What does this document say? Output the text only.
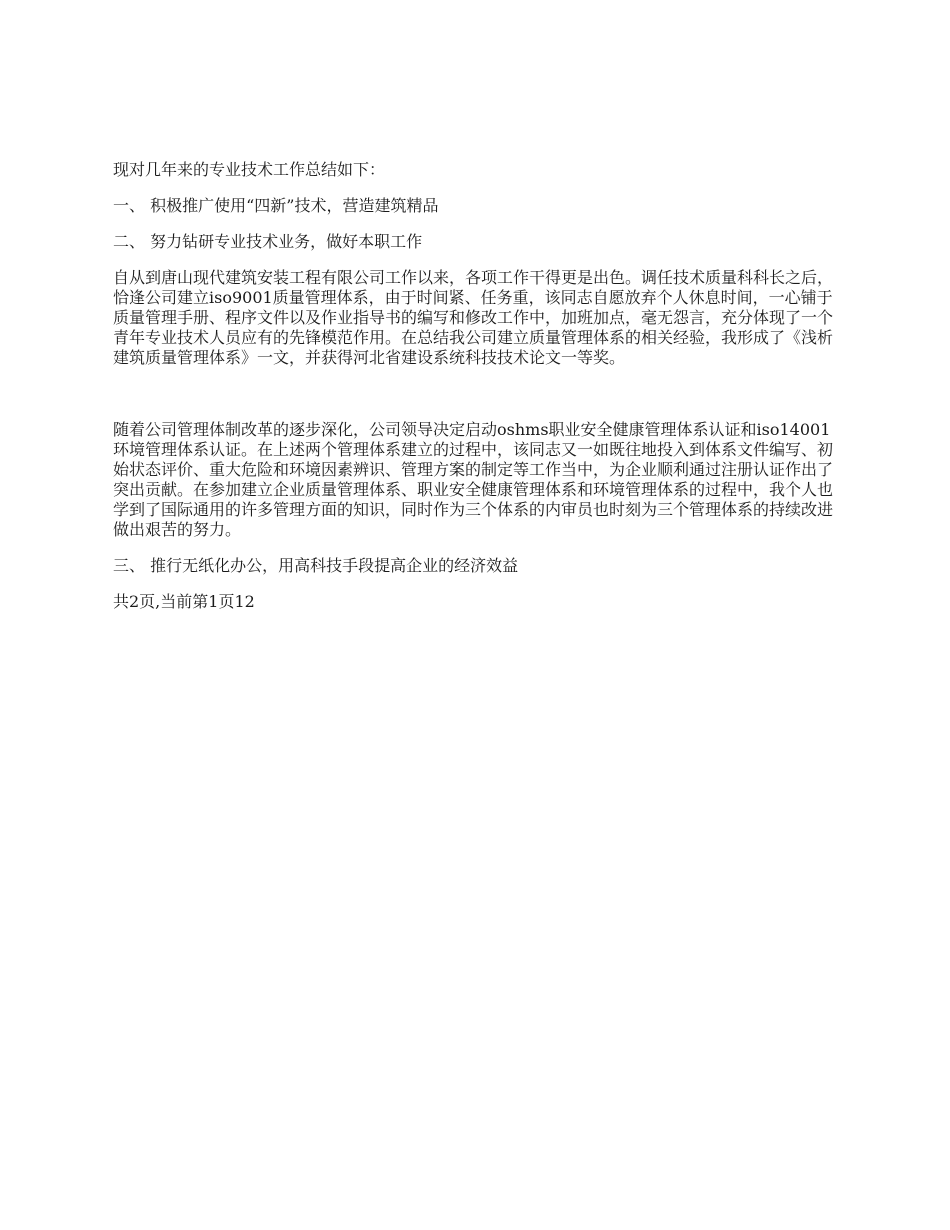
现对几年来的专业技术工作总结如下：

一、 积极推广使用“四新”技术，营造建筑精品

二、 努力钻研专业技术业务，做好本职工作

自从到唐山现代建筑安装工程有限公司工作以来，各项工作干得更是出色。调任技术质量科科长之后，恰逢公司建立iso9001质量管理体系，由于时间紧、任务重，该同志自愿放弃个人休息时间，一心铺于质量管理手册、程序文件以及作业指导书的编写和修改工作中，加班加点，毫无怨言，充分体现了一个青年专业技术人员应有的先锋模范作用。在总结我公司建立质量管理体系的相关经验，我形成了《浅析建筑质量管理体系》一文，并获得河北省建设系统科技技术论文一等奖。

随着公司管理体制改革的逐步深化，公司领导决定启动oshms职业安全健康管理体系认证和iso14001环境管理体系认证。在上述两个管理体系建立的过程中，该同志又一如既往地投入到体系文件编写、初始状态评价、重大危险和环境因素辨识、管理方案的制定等工作当中，为企业顺利通过注册认证作出了突出贡献。在参加建立企业质量管理体系、职业安全健康管理体系和环境管理体系的过程中，我个人也学到了国际通用的许多管理方面的知识，同时作为三个体系的内审员也时刻为三个管理体系的持续改进做出艰苦的努力。

三、 推行无纸化办公，用高科技手段提高企业的经济效益

共2页,当前第1页12
